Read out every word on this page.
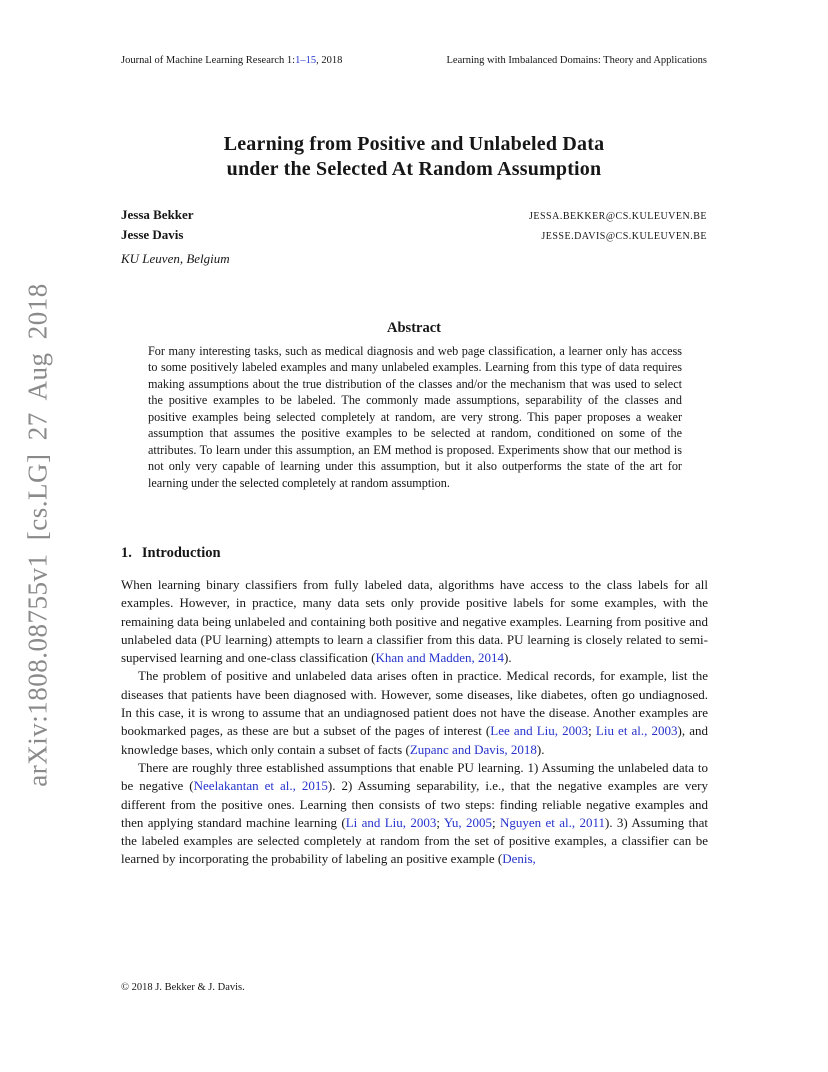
Journal of Machine Learning Research 1:1–15, 2018	Learning with Imbalanced Domains: Theory and Applications
arXiv:1808.08755v1 [cs.LG] 27 Aug 2018
Learning from Positive and Unlabeled Data
under the Selected At Random Assumption
Jessa Bekker	JESSA.BEKKER@CS.KULEUVEN.BE
Jesse Davis	JESSE.DAVIS@CS.KULEUVEN.BE
KU Leuven, Belgium
Abstract
For many interesting tasks, such as medical diagnosis and web page classification, a learner only has access to some positively labeled examples and many unlabeled examples. Learning from this type of data requires making assumptions about the true distribution of the classes and/or the mechanism that was used to select the positive examples to be labeled. The commonly made assumptions, separability of the classes and positive examples being selected completely at random, are very strong. This paper proposes a weaker assumption that assumes the positive examples to be selected at random, conditioned on some of the attributes. To learn under this assumption, an EM method is proposed. Experiments show that our method is not only very capable of learning under this assumption, but it also outperforms the state of the art for learning under the selected completely at random assumption.
1. Introduction

When learning binary classifiers from fully labeled data, algorithms have access to the class labels for all examples. However, in practice, many data sets only provide positive labels for some examples, with the remaining data being unlabeled and containing both positive and negative examples. Learning from positive and unlabeled data (PU learning) attempts to learn a classifier from this data. PU learning is closely related to semi-supervised learning and one-class classification (Khan and Madden, 2014).

The problem of positive and unlabeled data arises often in practice. Medical records, for example, list the diseases that patients have been diagnosed with. However, some diseases, like diabetes, often go undiagnosed. In this case, it is wrong to assume that an undiagnosed patient does not have the disease. Another examples are bookmarked pages, as these are but a subset of the pages of interest (Lee and Liu, 2003; Liu et al., 2003), and knowledge bases, which only contain a subset of facts (Zupanc and Davis, 2018).

There are roughly three established assumptions that enable PU learning. 1) Assuming the unlabeled data to be negative (Neelakantan et al., 2015). 2) Assuming separability, i.e., that the negative examples are very different from the positive ones. Learning then consists of two steps: finding reliable negative examples and then applying standard machine learning (Li and Liu, 2003; Yu, 2005; Nguyen et al., 2011). 3) Assuming that the labeled examples are selected completely at random from the set of positive examples, a classifier can be learned by incorporating the probability of labeling an positive example (Denis,

© 2018 J. Bekker & J. Davis.
